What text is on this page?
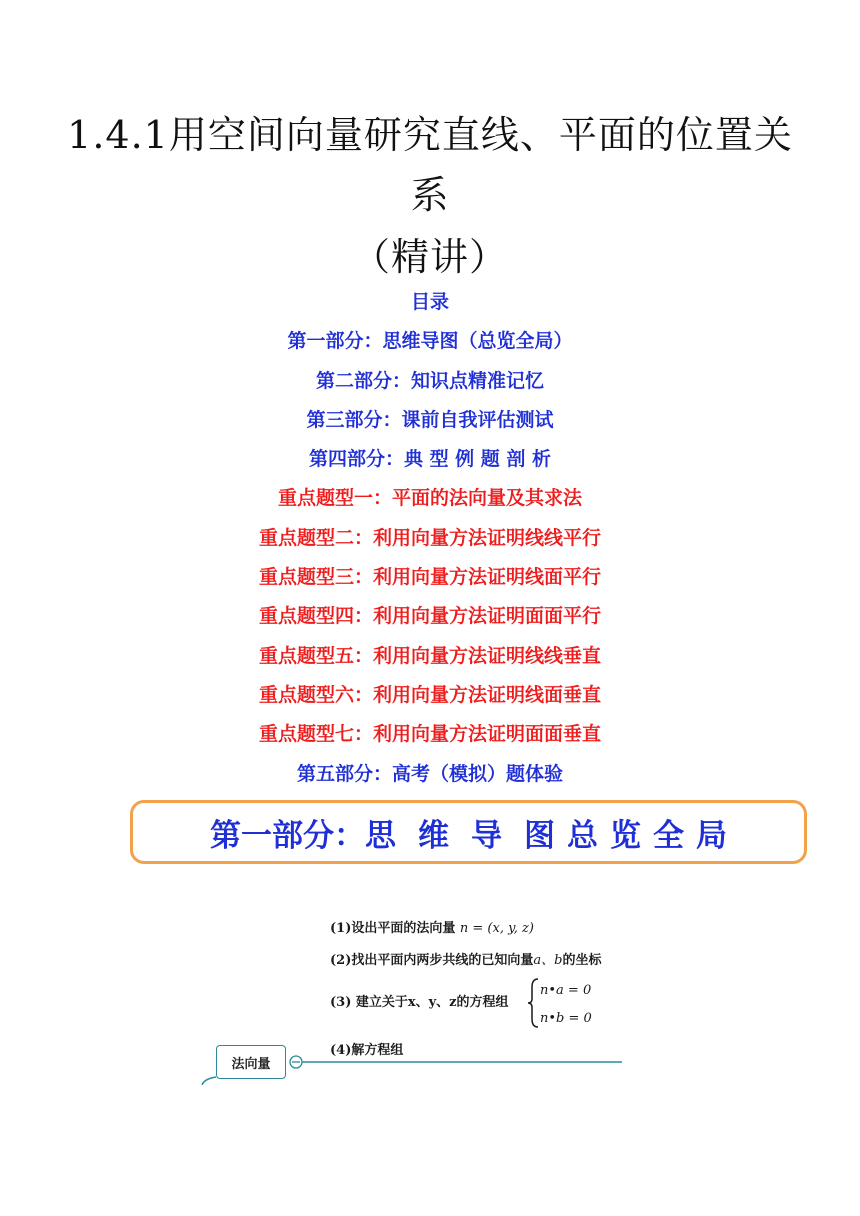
1.4.1用空间向量研究直线、平面的位置关
系
（精讲）
目录
第一部分：思维导图（总览全局）
第二部分：知识点精准记忆
第三部分：课前自我评估测试
第四部分：典 型 例 题 剖 析
重点题型一：平面的法向量及其求法
重点题型二：利用向量方法证明线线平行
重点题型三：利用向量方法证明线面平行
重点题型四：利用向量方法证明面面平行
重点题型五：利用向量方法证明线线垂直
重点题型六：利用向量方法证明线面垂直
重点题型七：利用向量方法证明面面垂直
第五部分：高考（模拟）题体验
第一部分： 思 维 导 图 总 览 全 局
(1)设出平面的法向量 n = (x, y, z)
(2)找出平面内两步共线的已知向量a、b的坐标
(3) 建立关于x、y、z的方程组
n•a = 0
n•b = 0
(4)解方程组
法向量
